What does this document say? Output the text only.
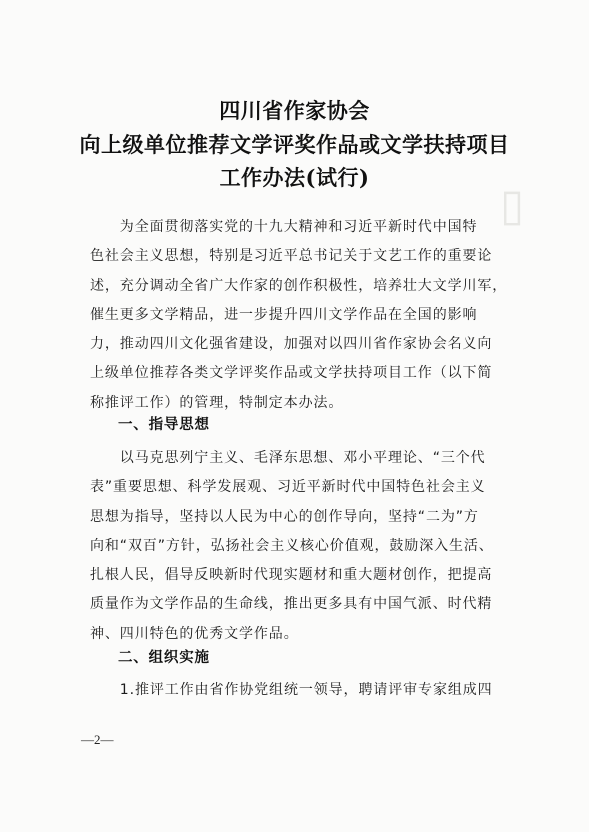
▯
四川省作家协会
向上级单位推荐文学评奖作品或文学扶持项目
工作办法(试行)
　　为全面贯彻落实党的十九大精神和习近平新时代中国特
色社会主义思想，特别是习近平总书记关于文艺工作的重要论
述，充分调动全省广大作家的创作积极性，培养壮大文学川军，
催生更多文学精品，进一步提升四川文学作品在全国的影响
力，推动四川文化强省建设，加强对以四川省作家协会名义向
上级单位推荐各类文学评奖作品或文学扶持项目工作（以下简
称推评工作）的管理，特制定本办法。
一、指导思想
　　以马克思列宁主义、毛泽东思想、邓小平理论、“三个代
表”重要思想、科学发展观、习近平新时代中国特色社会主义
思想为指导，坚持以人民为中心的创作导向，坚持“二为”方
向和“双百”方针，弘扬社会主义核心价值观，鼓励深入生活、
扎根人民，倡导反映新时代现实题材和重大题材创作，把提高
质量作为文学作品的生命线，推出更多具有中国气派、时代精
神、四川特色的优秀文学作品。
二、组织实施
　　1.推评工作由省作协党组统一领导，聘请评审专家组成四
—2—
